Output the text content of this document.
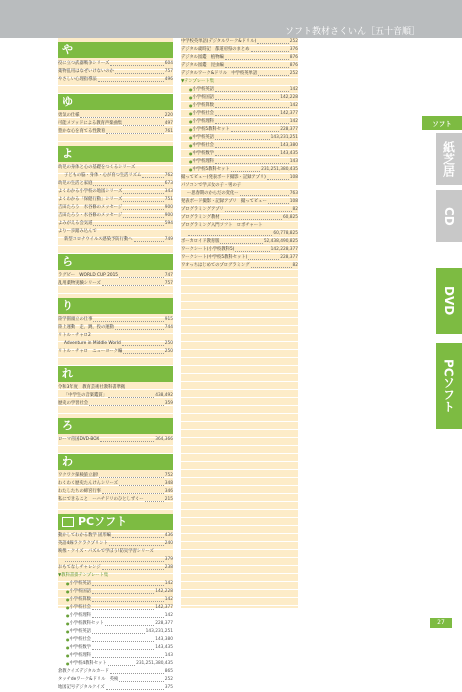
ソフト教材さくいん［五十音順］
や
役に立つ武器戦争シリーズ	604
薬物乱用はなぜいけないのか	757
やさしい心理指導法	496
ゆ
勇気の仕様	220
可能メソッドによる教育声楽曲集	497
豊かな心を育てる性教育	761
よ
幼児の身体と心の基礎をつくるシリーズ
子どもの脳・身体・心が育つ生活リズム	762
幼児の生活と家庭	673
よくわかる小学校の地図シリーズ	343
よくわかる「保健行動」シリーズ	751
吉田たろう　水谷修のメッセージ	900
吉田たろう・水谷修のメッセージ	900
よみがえる会気道	594
よりー歩踏み込んで
新型コロナウイルス感染予防行動へ	749
ら
ラグビー　WORLD CUP 2015	747
乱用薬物実験シリーズ	757
り
陸学園頭立の仕事	915
陸上運動　走、跳、投の運動	744
リトル・チャロ2
Adventure in Middle World	250
リトル・チャロ　ニューヨーク編	250
れ
令和3年度　教育芸術社教科書準拠
「中学生の音楽鑑賞」	438,492
歴史の学習社会	359
ろ
ローマ帝国DVD-BOX	364,366
わ
ワクワク探検旅立創!	752
わくわく歴史たんけんシリーズ	348
わたしたちの締宮行事	346
私にできること　ーハチドリのひとしずくー	215
PCソフト
動かしてわかる数学 固形編	436
英語4線ラクラクプリント	240
映像・クイズ・パズルで学ぼう!防災学習シリーズ
379
おもてなしチャレンジ	238
▼教科書掛テンプレート集
● 小学校英語	142
● 小学校国語	142,228
● 小学校算数	142
● 小学校社会	142,377
● 小学校理科	142
● 小学校教科セット	228,377
● 中学校英語	143,231,251
● 中学校社会	143,380
● 中学校数学	143,435
● 中学校理科	143
● 中学校4教科セット	231,251,380,435
倉教クイズデジタルカード	865
タッチdeワーク&ドリル　英検	252
地図記号デジタルクイズ	375
中学校英単語(デジタルワーク&ドリル)	252
デジタル歳時記　都道府県のまとめ	376
デジタル図鑑　植物編	876
デジタル図鑑　昆虫編	876
デジタルワーク&ドリル　中学校英単語	252
▼テンプレート集
● 小学校英語	142
● 小学校国語	142,228
● 小学校算数	142
● 小学校社会	142,377
● 小学校理科	142
● 小学校5教科セット	228,377
● 中学校英語	143,231,251
● 中学校社会	143,380
● 中学校数学	143,435
● 中学校理科	143
● 中学校5教科セット	231,251,380,435
撮ってビュー(発表ボード撮影・記録アプリ)	108
パソコンで学ぶ女の子・男の子
ー思春期のからだの変化ー	763
発表ボード撮影・記録アプリ　撮ってビュー	108
プログラミングアプリ	82
プログラミング教材	60,825
プログラミング入門ソフト　ロボチャート
60,778,825
ボーカロイド教育版	52,438,490,825
ワークシート(小学校教科5)	142,228,377
ワークシート(中学校5教科セット)	228,377
ワオっちはじめてのプログラミング	82
ソフト
紙芝居
CD
DVD
PCソフト
27
